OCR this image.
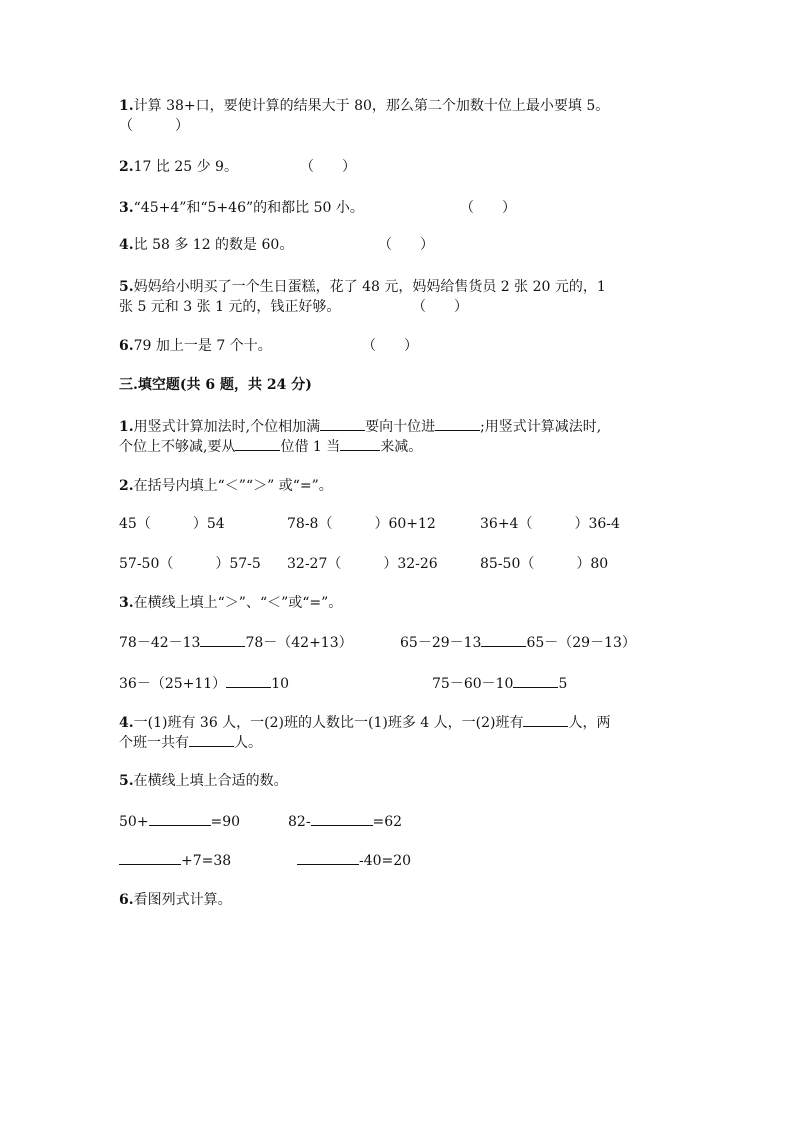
1.计算 38+口，要使计算的结果大于 80，那么第二个加数十位上最小要填 5。
（　　　）
2.17 比 25 少 9。	（　　）
3.“45+4”和“5+46”的和都比 50 小。	（　　）
4.比 58 多 12 的数是 60。	（　　）
5.妈妈给小明买了一个生日蛋糕，花了 48 元，妈妈给售货员 2 张 20 元的，1
张 5 元和 3 张 1 元的，钱正好够。	（　　）
6.79 加上一是 7 个十。	（　　）
三.填空题(共 6 题，共 24 分)
1.用竖式计算加法时,个位相加满	要向十位进	;用竖式计算减法时,
个位上不够减,要从	位借 1 当	来减。
2.在括号内填上“＜”“＞” 或“=”。
45（　　　）54	78-8（　　　）60+12	36+4（　　　）36-4
57-50（　　　）57-5 32-27（　　　）32-26	85-50（　　　）80
3.在横线上填上“＞”、“＜”或“=”。
78－42－13	78－（42+13）	65－29－13	65－（29－13）
36－（25+11）	10	75－60－10	5
4.一(1)班有 36 人，一(2)班的人数比一(1)班多 4 人，一(2)班有	人，两
个班一共有	人。
5.在横线上填上合适的数。
50+	=90	82-	=62
+7=38	-40=20
6.看图列式计算。
